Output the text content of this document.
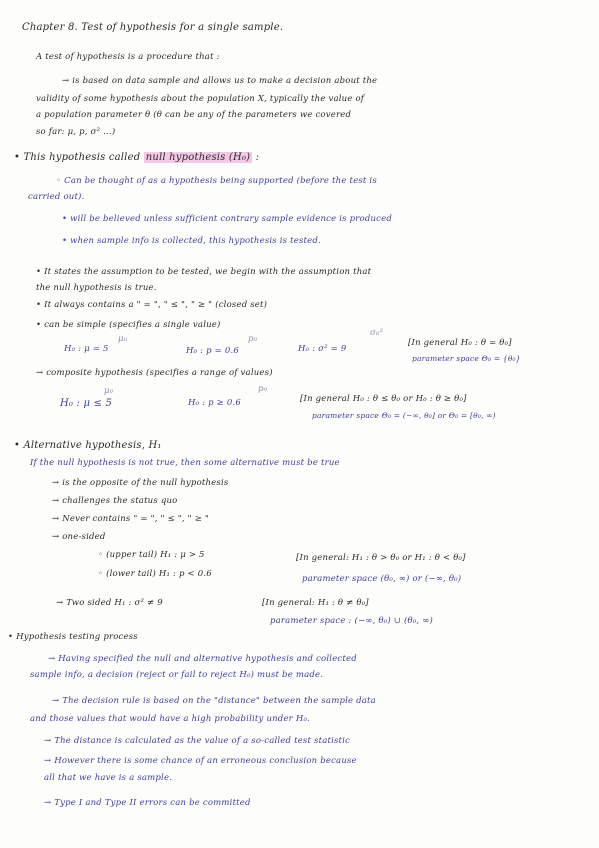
Chapter 8. Test of hypothesis for a single sample.
A test of hypothesis is a procedure that :
→ is based on data sample and allows us to make a decision about the
validity of some hypothesis about the population X, typically the value of
a population parameter θ (θ can be any of the parameters we covered
so far: μ, p, σ² ...)
• This hypothesis called null hypothesis (H₀) :
◦ Can be thought of as a hypothesis being supported (before the test is
carried out).
• will be believed unless sufficient contrary sample evidence is produced
• when sample info is collected, this hypothesis is tested.
• It states the assumption to be tested, we begin with the assumption that
the null hypothesis is true.
• It always contains a " = ", " ≤ ", " ≥ " (closed set)
• can be simple (specifies a single value)
μ₀
H₀ : μ = 5
p₀
H₀ : p = 0.6
σ₀²
H₀ : σ² = 9
[In general H₀ : θ = θ₀]
parameter space Θ₀ = {θ₀}
→ composite hypothesis (specifies a range of values)
μ₀
H₀ : μ ≤ 5
p₀
H₀ : p ≥ 0.6	[In general H₀ : θ ≤ θ₀ or H₀ : θ ≥ θ₀]
parameter space Θ₀ = (−∞, θ₀] or Θ₀ = [θ₀, ∞)
• Alternative hypothesis, H₁
If the null hypothesis is not true, then some alternative must be true
→ is the opposite of the null hypothesis
→ challenges the status quo
→ Never contains " = ", " ≤ ", " ≥ "
→ one-sided
◦ (upper tail) H₁ : μ > 5
◦ (lower tail) H₁ : p < 0.6
[In general: H₁ : θ > θ₀ or H₁ : θ < θ₀]
parameter space (θ₀, ∞) or (−∞, θ₀)
→ Two sided H₁ : σ² ≠ 9	[In general: H₁ : θ ≠ θ₀]
parameter space : (−∞, θ₀) ∪ (θ₀, ∞)
• Hypothesis testing process
→ Having specified the null and alternative hypothesis and collected
sample info, a decision (reject or fail to reject H₀) must be made.
→ The decision rule is based on the "distance" between the sample data
and those values that would have a high probability under H₀.
→ The distance is calculated as the value of a so-called test statistic
→ However there is some chance of an erroneous conclusion because
all that we have is a sample.
→ Type I and Type II errors can be committed
